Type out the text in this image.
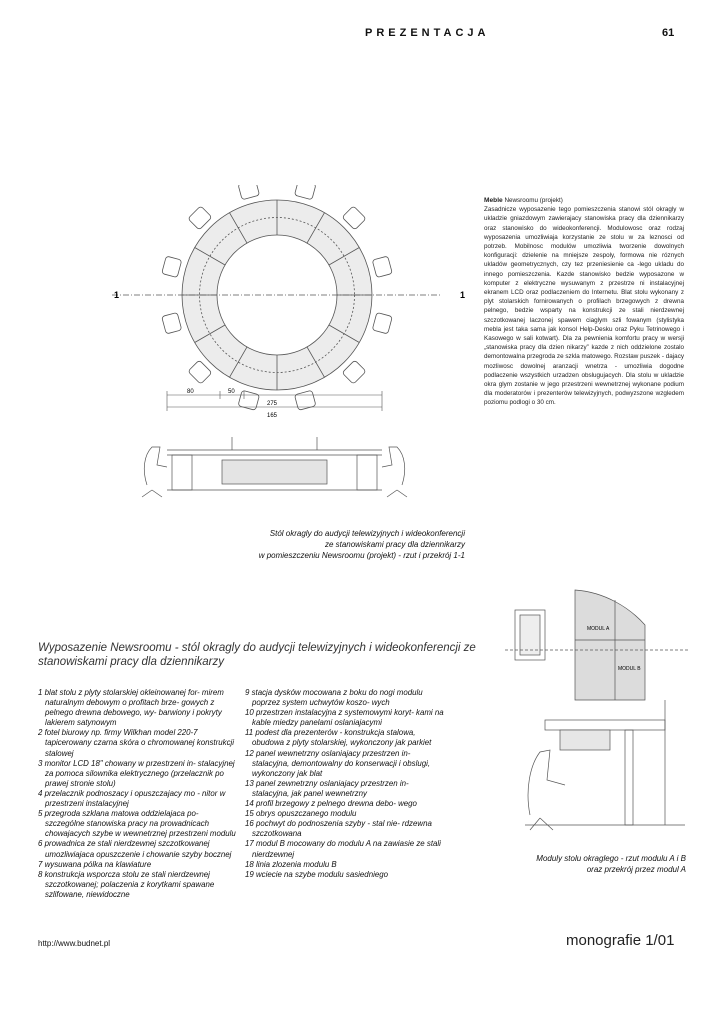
PREZENTACJA	61
1	1
80	50
275
165
Meble Newsroomu (projekt)
Zasadnicze wyposazenie tego pomieszczenia stanowi stól okragly w ukladzie gniazdowym zawierajacy stanowiska pracy dla dziennikarzy oraz stanowisko do wideokonferencji. Modulowosc oraz rodzaj wyposazenia umozliwiaja korzystanie ze stolu w za leznosci od potrzeb. Mobilnosc modulów umozliwia tworzenie dowolnych konfiguracji: dzielenie na mniejsze zespoly, formowa nie róznych ukladów geometrycznych, czy tez przeniesienie ca -lego ukladu do innego pomieszczenia. Kazde stanowisko bedzie wyposazone w komputer z elektryczne wysuwanym z przestrze ni instalacyjnej ekranem LCD oraz podlaczeniem do Internetu. Blat stolu wykonany z plyt stolarskich fornirowanych o profilach brzegowych z drewna pelnego, bedzie wsparty na konstrukcji ze stali nierdzewnej szczotkowanej laczonej spawem ciaglym szli fowanym (stylistyka mebla jest taka sama jak konsol Help-Desku oraz Pyku Tetrinowego i Kasowego w sali kotwart). Dla za pewnienia komfortu pracy w wersji „stanowiska pracy dla dzien nikarzy” kazde z nich oddzielone zostalo demontowalna przegroda ze szkla matowego. Rozstaw puszek - dajacy mozliwosc dowolnej aranzacji wnetrza - umozliwia dogodne podlaczenie wszystkich urzadzen obslugujacych. Dla stolu w ukladzie okra glym zostanie w jego przestrzeni wewnetrznej wykonane podium dla moderatorów i prezenterów telewizyjnych, podwyzszone wzgledem poziomu podlogi o 30 cm.
Stól okragly do audycji telewizyjnych i wideokonferencji
ze stanowiskami pracy dla dziennikarzy
w pomieszczeniu Newsroomu (projekt) - rzut i przekrój 1-1
MODUL A
MODUL B
Wyposazenie Newsroomu - stól okragly do audycji telewizyjnych i wideokonferencji ze stanowiskami pracy dla dziennikarzy
1 blat stolu z plyty stolarskiej okleinowanej for- mirem naturalnym debowym o profitach brze- gowych z pelnego drewna debowego, wy- barwiony i pokryty lakierem satynowym
2 fotel biurowy np. firmy Wilkhan model 220-7 tapicerowany czarna skóra o chromowanej konstrukcji stalowej
3 monitor LCD 18" chowany w przestrzeni in- stalacyjnej za pomoca silownika elektrycznego (przelacznik po prawej stronie stolu)
4 przelacznik podnoszacy i opuszczajacy mo - nitor w przestrzeni instalacyjnej
5 przegroda szklana matowa oddzielajaca po- szczególne stanowiska pracy na prowadnicach chowajacych szybe w wewnetrznej przestrzeni modulu
6 prowadnica ze stali nierdzewnej szczotkowanej umozliwiajaca opuszczenie i chowanie szyby bocznej
7 wysuwana pólka na klawiature
8 konstrukcja wsporcza stolu ze stali nierdzewnej szczotkowanej; polaczenia z korytkami spawane szlifowane, niewidoczne
9 stacja dysków mocowana z boku do nogi modulu poprzez system uchwytów koszo- wych
10 przestrzen instalacyjna z systemowymi koryt- kami na kable miedzy panelami oslaniajacymi
11 podest dla prezenterów - konstrukcja stalowa, obudowa z plyty stolarskiej, wykonczony jak parkiet
12 panel wewnetrzny oslaniajacy przestrzen in- stalacyjna, demontowalny do konserwacji i obslugi, wykonczony jak blat
13 panel zewnetrzny oslaniajacy przestrzen in- stalacyjna, jak panel wewnetrzny
14 profil brzegowy z pelnego drewna debo- wego
15 obrys opuszczanego modulu
16 pochwyt do podnoszenia szyby - stal nie- rdzewna szczotkowana
17 modul B mocowany do modulu A na zawiasie ze stali nierdzewnej
18 linia zlozenia modulu B
19 wciecie na szybe modulu sasiedniego
Moduly stolu okraglego - rzut modulu A i B
oraz przekrój przez modul A
http://www.budnet.pl	monografie 1/01
